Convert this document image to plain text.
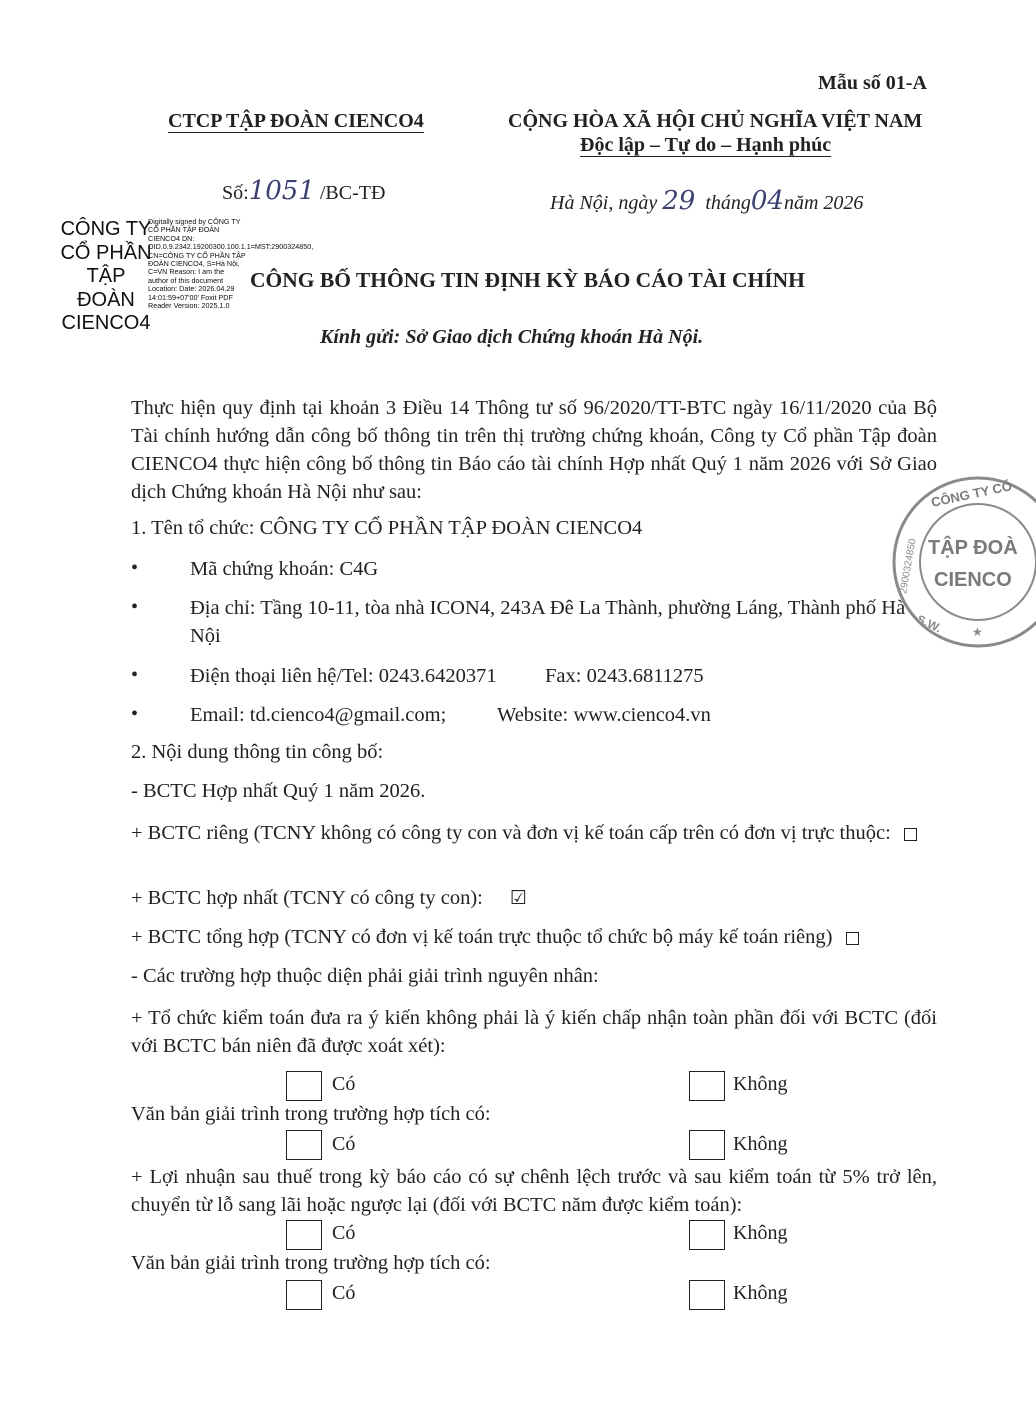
Mẫu số 01-A
CTCP TẬP ĐOÀN CIENCO4	CỘNG HÒA XÃ HỘI CHỦ NGHĨA VIỆT NAM
Độc lập – Tự do – Hạnh phúc
Số:1051 /BC-TĐ	Hà Nội, ngày 29 tháng04năm 2026
CÔNG TY CỔ PHẦN TẬP ĐOÀN CIENCO4
Digitally signed by CÔNG TY CỔ PHẦN TẬP ĐOÀN CIENCO4 DN: OID.0.9.2342.19200300.100.1.1=MST:2900324850, CN=CÔNG TY CỔ PHẦN TẬP ĐOÀN CIENCO4, S=Hà Nội, C=VN Reason: I am the author of this document Location: Date: 2026.04.29 14:01:59+07'00' Foxit PDF Reader Version: 2025.1.0
CÔNG BỐ THÔNG TIN ĐỊNH KỲ BÁO CÁO TÀI CHÍNH
Kính gửi: Sở Giao dịch Chứng khoán Hà Nội.
Thực hiện quy định tại khoản 3 Điều 14 Thông tư số 96/2020/TT-BTC ngày 16/11/2020 của Bộ Tài chính hướng dẫn công bố thông tin trên thị trường chứng khoán, Công ty Cổ phần Tập đoàn CIENCO4 thực hiện công bố thông tin Báo cáo tài chính Hợp nhất Quý 1 năm 2026 với Sở Giao dịch Chứng khoán Hà Nội như sau:
1. Tên tổ chức: CÔNG TY CỔ PHẦN TẬP ĐOÀN CIENCO4
•	Mã chứng khoán: C4G
•	Địa chỉ: Tầng 10-11, tòa nhà ICON4, 243A Đê La Thành, phường Láng, Thành phố Hà Nội
•	Điện thoại liên hệ/Tel: 0243.6420371 Fax: 0243.6811275
•	Email: td.cienco4@gmail.com; Website: www.cienco4.vn
2. Nội dung thông tin công bố:
- BCTC Hợp nhất Quý 1 năm 2026.
+ BCTC riêng (TCNY không có công ty con và đơn vị kế toán cấp trên có đơn vị trực thuộc:
+ BCTC hợp nhất (TCNY có công ty con): ☑
+ BCTC tổng hợp (TCNY có đơn vị kế toán trực thuộc tổ chức bộ máy kế toán riêng)
- Các trường hợp thuộc diện phải giải trình nguyên nhân:
+ Tổ chức kiểm toán đưa ra ý kiến không phải là ý kiến chấp nhận toàn phần đối với BCTC (đối với BCTC bán niên đã được xoát xét):
Có	Không
Văn bản giải trình trong trường hợp tích có:
Có	Không
+ Lợi nhuận sau thuế trong kỳ báo cáo có sự chênh lệch trước và sau kiểm toán từ 5% trở lên, chuyển từ lỗ sang lãi hoặc ngược lại (đối với BCTC năm được kiểm toán):
Có	Không
Văn bản giải trình trong trường hợp tích có:
Có	Không
CÔNG TY CỔ
TẬP ĐOÀ
CIENCO
2900324850
S.W. ★
